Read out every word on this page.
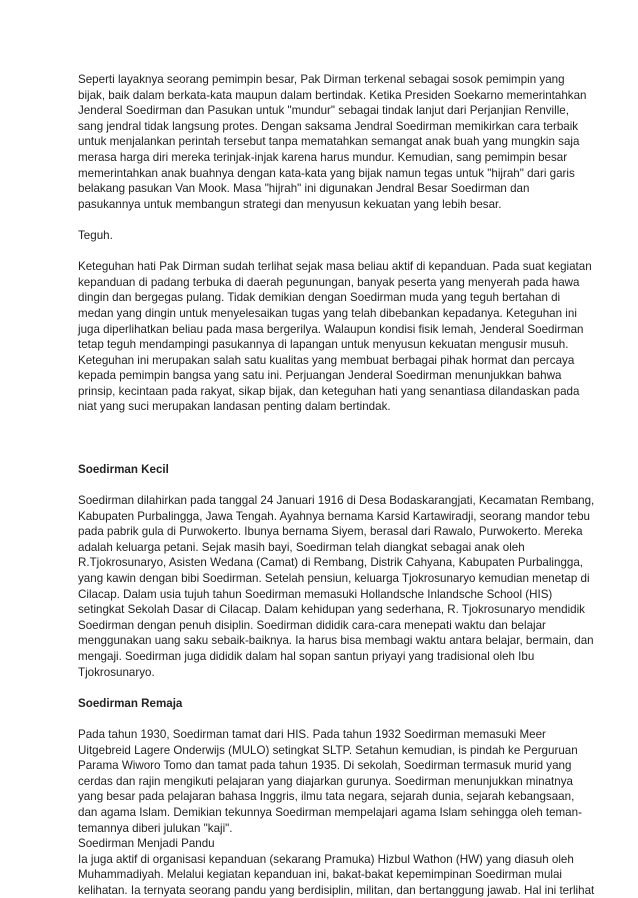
Seperti layaknya seorang pemimpin besar, Pak Dirman terkenal sebagai sosok pemimpin yang
bijak, baik dalam berkata-kata maupun dalam bertindak. Ketika Presiden Soekarno memerintahkan
Jenderal Soedirman dan Pasukan untuk "mundur" sebagai tindak lanjut dari Perjanjian Renville,
sang jendral tidak langsung protes. Dengan saksama Jendral Soedirman memikirkan cara terbaik
untuk menjalankan perintah tersebut tanpa mematahkan semangat anak buah yang mungkin saja
merasa harga diri mereka terinjak-injak karena harus mundur. Kemudian, sang pemimpin besar
memerintahkan anak buahnya dengan kata-kata yang bijak namun tegas untuk "hijrah" dari garis
belakang pasukan Van Mook. Masa "hijrah" ini digunakan Jendral Besar Soedirman dan
pasukannya untuk membangun strategi dan menyusun kekuatan yang lebih besar.
Teguh.
Keteguhan hati Pak Dirman sudah terlihat sejak masa beliau aktif di kepanduan. Pada suat kegiatan
kepanduan di padang terbuka di daerah pegunungan, banyak peserta yang menyerah pada hawa
dingin dan bergegas pulang. Tidak demikian dengan Soedirman muda yang teguh bertahan di
medan yang dingin untuk menyelesaikan tugas yang telah dibebankan kepadanya. Keteguhan ini
juga diperlihatkan beliau pada masa bergerilya. Walaupun kondisi fisik lemah, Jenderal Soedirman
tetap teguh mendampingi pasukannya di lapangan untuk menyusun kekuatan mengusir musuh.
Keteguhan ini merupakan salah satu kualitas yang membuat berbagai pihak hormat dan percaya
kepada pemimpin bangsa yang satu ini. Perjuangan Jenderal Soedirman menunjukkan bahwa
prinsip, kecintaan pada rakyat, sikap bijak, dan keteguhan hati yang senantiasa dilandaskan pada
niat yang suci merupakan landasan penting dalam bertindak.
Soedirman Kecil
Soedirman dilahirkan pada tanggal 24 Januari 1916 di Desa Bodaskarangjati, Kecamatan Rembang,
Kabupaten Purbalingga, Jawa Tengah. Ayahnya bernama Karsid Kartawiradji, seorang mandor tebu
pada pabrik gula di Purwokerto. Ibunya bernama Siyem, berasal dari Rawalo, Purwokerto. Mereka
adalah keluarga petani. Sejak masih bayi, Soedirman telah diangkat sebagai anak oleh
R.Tjokrosunaryo, Asisten Wedana (Camat) di Rembang, Distrik Cahyana, Kabupaten Purbalingga,
yang kawin dengan bibi Soedirman. Setelah pensiun, keluarga Tjokrosunaryo kemudian menetap di
Cilacap. Dalam usia tujuh tahun Soedirman memasuki Hollandsche Inlandsche School (HIS)
setingkat Sekolah Dasar di Cilacap. Dalam kehidupan yang sederhana, R. Tjokrosunaryo mendidik
Soedirman dengan penuh disiplin. Soedirman dididik cara-cara menepati waktu dan belajar
menggunakan uang saku sebaik-baiknya. Ia harus bisa membagi waktu antara belajar, bermain, dan
mengaji. Soedirman juga dididik dalam hal sopan santun priyayi yang tradisional oleh Ibu
Tjokrosunaryo.
Soedirman Remaja
Pada tahun 1930, Soedirman tamat dari HIS. Pada tahun 1932 Soedirman memasuki Meer
Uitgebreid Lagere Onderwijs (MULO) setingkat SLTP. Setahun kemudian, is pindah ke Perguruan
Parama Wiworo Tomo dan tamat pada tahun 1935. Di sekolah, Soedirman termasuk murid yang
cerdas dan rajin mengikuti pelajaran yang diajarkan gurunya. Soedirman menunjukkan minatnya
yang besar pada pelajaran bahasa Inggris, ilmu tata negara, sejarah dunia, sejarah kebangsaan,
dan agama Islam. Demikian tekunnya Soedirman mempelajari agama Islam sehingga oleh teman-
temannya diberi julukan "kaji".
Soedirman Menjadi Pandu
Ia juga aktif di organisasi kepanduan (sekarang Pramuka) Hizbul Wathon (HW) yang diasuh oleh
Muhammadiyah. Melalui kegiatan kepanduan ini, bakat-bakat kepemimpinan Soedirman mulai
kelihatan. Ia ternyata seorang pandu yang berdisiplin, militan, dan bertanggung jawab. Hal ini terlihat
